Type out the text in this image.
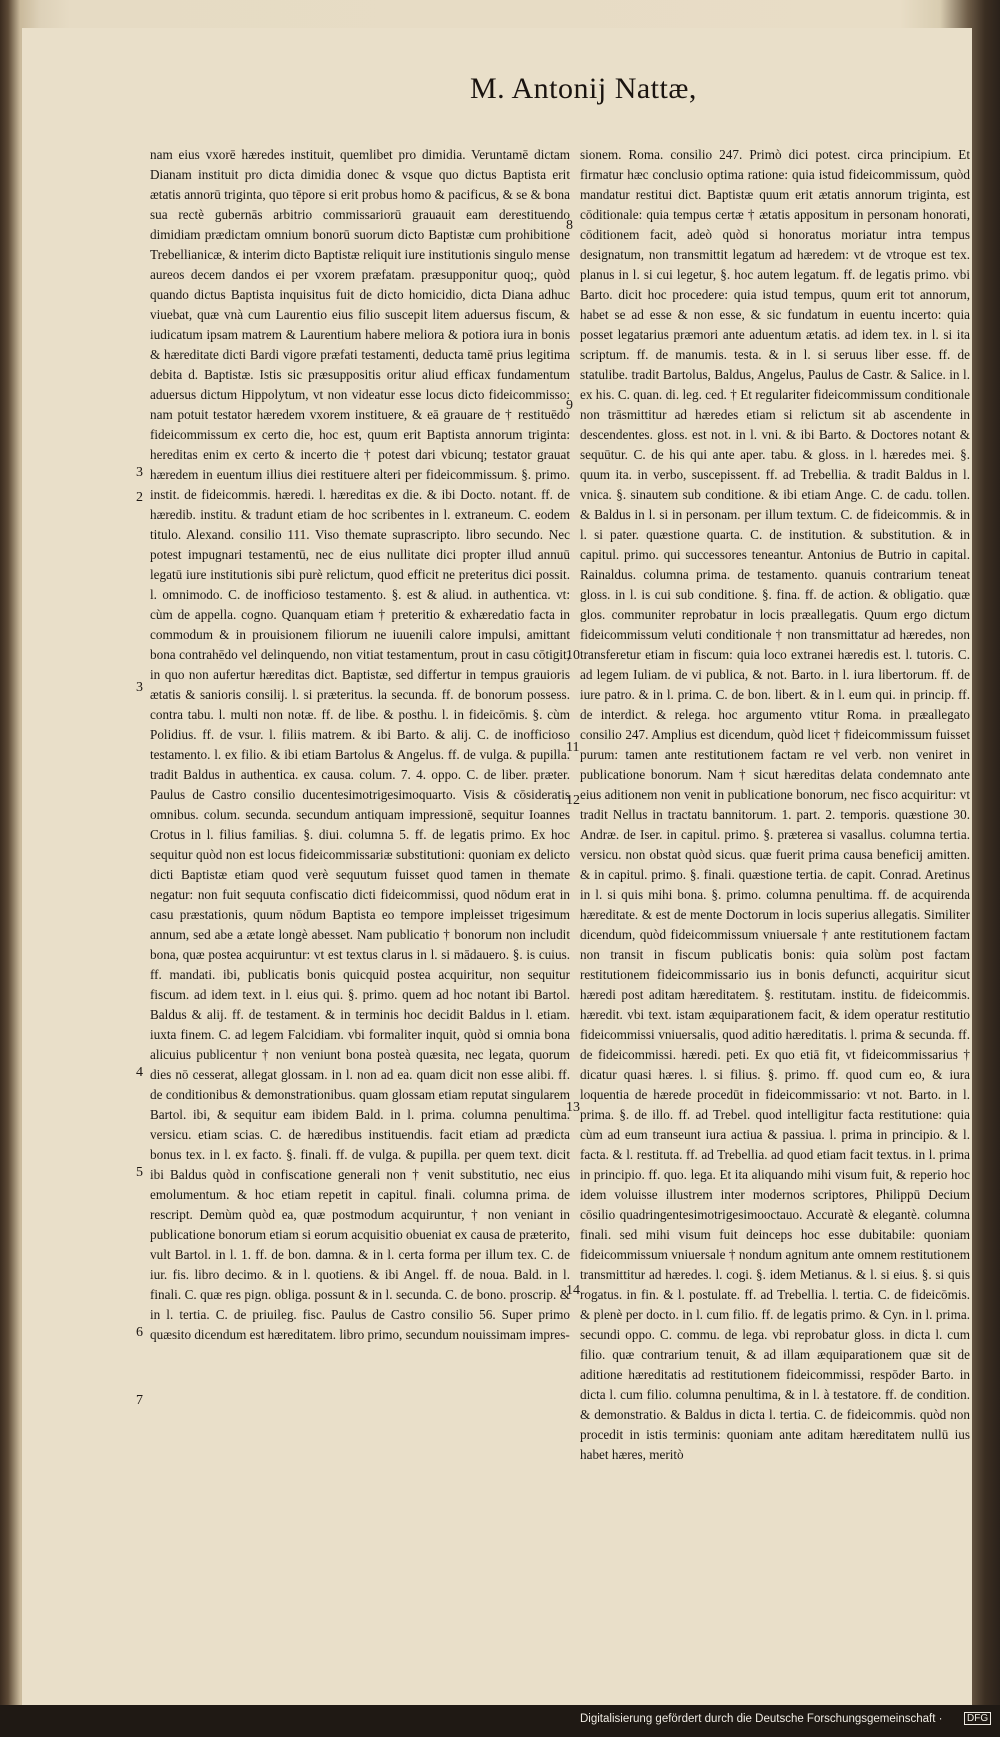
M. Antonij Nattæ,
nam eius vxorē hæredes instituit, quemlibet pro dimidia. Veruntamē dictam Dianam instituit pro dicta dimidia donec & vsque quo dictus Baptista erit ætatis annorū triginta, quo tēpore si erit probus homo & pacificus, & se & bona sua rectè gubernās arbitrio commissariorū grauauit eam derestituendo dimidiam prædictam omnium bonorū suorum dicto Baptistæ cum prohibitione Trebellianicæ, & interim dicto Baptistæ reliquit iure institutionis singulo mense aureos decem dandos ei per vxorem præfatam. præsupponitur quoq;, quòd quando dictus Baptista inquisitus fuit de dicto homicidio, dicta Diana adhuc viuebat, quæ vnà cum Laurentio eius filio suscepit litem aduersus fiscum, & iudicatum ipsam matrem & Laurentium habere meliora & potiora iura in bonis & hæreditate dicti Bardi vigore præfati testamenti, deducta tamē prius legitima debita d. Baptistæ. Istis sic præsuppositis oritur aliud efficax fundamentum aduersus dictum Hippolytum, vt non videatur esse locus dicto fideicommisso: nam potuit testator hæredem vxorem instituere, & eā grauare de † restituēdo fideicommissum ex certo die, hoc est, quum erit Baptista annorum triginta: hereditas enim ex certo & incerto die † potest dari vbicunq; testator grauat hæredem in euentum illius diei restituere alteri per fideicommissum. §. primo. instit. de fideicommis. hæredi. l. hæreditas ex die. & ibi Docto. notant. ff. de hæredib. institu. & tradunt etiam de hoc scribentes in l. extraneum. C. eodem titulo. Alexand. consilio 111. Viso themate suprascripto. libro secundo. Nec potest impugnari testamentū, nec de eius nullitate dici propter illud annuū legatū iure institutionis sibi purè relictum, quod efficit ne preteritus dici possit. l. omnimodo. C. de inofficioso testamento. §. est & aliud. in authentica. vt: cùm de appella. cogno. Quanquam etiam † preteritio & exhæredatio facta in commodum & in prouisionem filiorum ne iuuenili calore impulsi, amittant bona contrahēdo vel delinquendo, non vitiat testamentum, prout in casu cōtigit, in quo non aufertur hæreditas dict. Baptistæ, sed differtur in tempus grauioris ætatis & sanioris consilij. l. si præteritus. la secunda. ff. de bonorum possess. contra tabu. l. multi non notæ. ff. de libe. & posthu. l. in fideicōmis. §. cùm Polidius. ff. de vsur. l. filiis matrem. & ibi Barto. & alij. C. de inofficioso testamento. l. ex filio. & ibi etiam Bartolus & Angelus. ff. de vulga. & pupilla. tradit Baldus in authentica. ex causa. colum. 7. 4. oppo. C. de liber. præter. Paulus de Castro consilio ducentesimotrigesimoquarto. Visis & cōsideratis omnibus. colum. secunda. secundum antiquam impressionē, sequitur Ioannes Crotus in l. filius familias. §. diui. columna 5. ff. de legatis primo. Ex hoc sequitur quòd non est locus fideicommissariæ substitutioni: quoniam ex delicto dicti Baptistæ etiam quod verè sequutum fuisset quod tamen in themate negatur: non fuit sequuta confiscatio dicti fideicommissi, quod nōdum erat in casu præstationis, quum nōdum Baptista eo tempore impleisset trigesimum annum, sed abe a ætate longè abesset. Nam publicatio † bonorum non includit bona, quæ postea acquiruntur: vt est textus clarus in l. si mādauero. §. is cuius. ff. mandati. ibi, publicatis bonis quicquid postea acquiritur, non sequitur fiscum. ad idem text. in l. eius qui. §. primo. quem ad hoc notant ibi Bartol. Baldus & alij. ff. de testament. & in terminis hoc decidit Baldus in l. etiam. iuxta finem. C. ad legem Falcidiam. vbi formaliter inquit, quòd si omnia bona alicuius publicentur † non veniunt bona posteà quæsita, nec legata, quorum dies nō cesserat, allegat glossam. in l. non ad ea. quam dicit non esse alibi. ff. de conditionibus & demonstrationibus. quam glossam etiam reputat singularem Bartol. ibi, & sequitur eam ibidem Bald. in l. prima. columna penultima. versicu. etiam scias. C. de hæredibus instituendis. facit etiam ad prædicta bonus tex. in l. ex facto. §. finali. ff. de vulga. & pupilla. per quem text. dicit ibi Baldus quòd in confiscatione generali non † venit substitutio, nec eius emolumentum. & hoc etiam repetit in capitul. finali. columna prima. de rescript. Demùm quòd ea, quæ postmodum acquiruntur, † non veniant in publicatione bonorum etiam si eorum acquisitio obueniat ex causa de præterito, vult Bartol. in l. 1. ff. de bon. damna. & in l. certa forma per illum tex. C. de iur. fis. libro decimo. & in l. quotiens. & ibi Angel. ff. de noua. Bald. in l. finali. C. quæ res pign. obliga. possunt & in l. secunda. C. de bono. proscrip. & in l. tertia. C. de priuileg. fisc. Paulus de Castro consilio 56. Super primo quæsito dicendum est hæreditatem. libro primo, secundum nouissimam impres-
sionem. Roma. consilio 247. Primò dici potest. circa principium. Et firmatur hæc conclusio optima ratione: quia istud fideicommissum, quòd mandatur restitui dict. Baptistæ quum erit ætatis annorum triginta, est cōditionale: quia tempus certæ † ætatis appositum in personam honorati, cōditionem facit, adeò quòd si honoratus moriatur intra tempus designatum, non transmittit legatum ad hæredem: vt de vtroque est tex. planus in l. si cui legetur, §. hoc autem legatum. ff. de legatis primo. vbi Barto. dicit hoc procedere: quia istud tempus, quum erit tot annorum, habet se ad esse & non esse, & sic fundatum in euentu incerto: quia posset legatarius præmori ante aduentum ætatis. ad idem tex. in l. si ita scriptum. ff. de manumis. testa. & in l. si seruus liber esse. ff. de statulibe. tradit Bartolus, Baldus, Angelus, Paulus de Castr. & Salice. in l. ex his. C. quan. di. leg. ced. † Et regulariter fideicommissum conditionale non trāsmittitur ad hæredes etiam si relictum sit ab ascendente in descendentes. gloss. est not. in l. vni. & ibi Barto. & Doctores notant & sequūtur. C. de his qui ante aper. tabu. & gloss. in l. hæredes mei. §. quum ita. in verbo, suscepissent. ff. ad Trebellia. & tradit Baldus in l. vnica. §. sinautem sub conditione. & ibi etiam Ange. C. de cadu. tollen. & Baldus in l. si in personam. per illum textum. C. de fideicommis. & in l. si pater. quæstione quarta. C. de institution. & substitution. & in capitul. primo. qui successores teneantur. Antonius de Butrio in capital. Rainaldus. columna prima. de testamento. quanuis contrarium teneat gloss. in l. is cui sub conditione. §. fina. ff. de action. & obligatio. quæ glos. communiter reprobatur in locis præallegatis. Quum ergo dictum fideicommissum veluti conditionale † non transmittatur ad hæredes, non transferetur etiam in fiscum: quia loco extranei hæredis est. l. tutoris. C. ad legem Iuliam. de vi publica, & not. Barto. in l. iura libertorum. ff. de iure patro. & in l. prima. C. de bon. libert. & in l. eum qui. in princip. ff. de interdict. & relega. hoc argumento vtitur Roma. in præallegato consilio 247. Amplius est dicendum, quòd licet † fideicommissum fuisset purum: tamen ante restitutionem factam re vel verb. non veniret in publicatione bonorum. Nam † sicut hæreditas delata condemnato ante eius aditionem non venit in publicatione bonorum, nec fisco acquiritur: vt tradit Nellus in tractatu bannitorum. 1. part. 2. temporis. quæstione 30. Andræ. de Iser. in capitul. primo. §. præterea si vasallus. columna tertia. versicu. non obstat quòd sicus. quæ fuerit prima causa beneficij amitten. & in capitul. primo. §. finali. quæstione tertia. de capit. Conrad. Aretinus in l. si quis mihi bona. §. primo. columna penultima. ff. de acquirenda hæreditate. & est de mente Doctorum in locis superius allegatis. Similiter dicendum, quòd fideicommissum vniuersale † ante restitutionem factam non transit in fiscum publicatis bonis: quia solùm post factam restitutionem fideicommissario ius in bonis defuncti, acquiritur sicut hæredi post aditam hæreditatem. §. restitutam. institu. de fideicommis. hæredit. vbi text. istam æquiparationem facit, & idem operatur restitutio fideicommissi vniuersalis, quod aditio hæreditatis. l. prima & secunda. ff. de fideicommissi. hæredi. peti. Ex quo etiā fit, vt fideicommissarius † dicatur quasi hæres. l. si filius. §. primo. ff. quod cum eo, & iura loquentia de hærede procedūt in fideicommissario: vt not. Barto. in l. prima. §. de illo. ff. ad Trebel. quod intelligitur facta restitutione: quia cùm ad eum transeunt iura actiua & passiua. l. prima in principio. & l. facta. & l. restituta. ff. ad Trebellia. ad quod etiam facit textus. in l. prima in principio. ff. quo. lega. Et ita aliquando mihi visum fuit, & reperio hoc idem voluisse illustrem inter modernos scriptores, Philippū Decium cōsilio quadringentesimotrigesimooctauo. Accuratè & elegantè. columna finali. sed mihi visum fuit deinceps hoc esse dubitabile: quoniam fideicommissum vniuersale † nondum agnitum ante omnem restitutionem transmittitur ad hæredes. l. cogi. §. idem Metianus. & l. si eius. §. si quis rogatus. in fin. & l. postulate. ff. ad Trebellia. l. tertia. C. de fideicōmis. & plenè per docto. in l. cum filio. ff. de legatis primo. & Cyn. in l. prima. secundi oppo. C. commu. de lega. vbi reprobatur gloss. in dicta l. cum filio. quæ contrarium tenuit, & ad illam æquiparationem quæ sit de aditione hæreditatis ad restitutionem fideicommissi, respōder Barto. in dicta l. cum filio. columna penultima, & in l. à testatore. ff. de condition. & demonstratio. & Baldus in dicta l. tertia. C. de fideicommis. quòd non procedit in istis terminis: quoniam ante aditam hæreditatem nullū ius habet hæres, meritò
3
2
3
4
5
6
7
8
9
10
11
12
13
14
Digitalisierung gefördert durch die Deutsche Forschungsgemeinschaft ·	DFG
